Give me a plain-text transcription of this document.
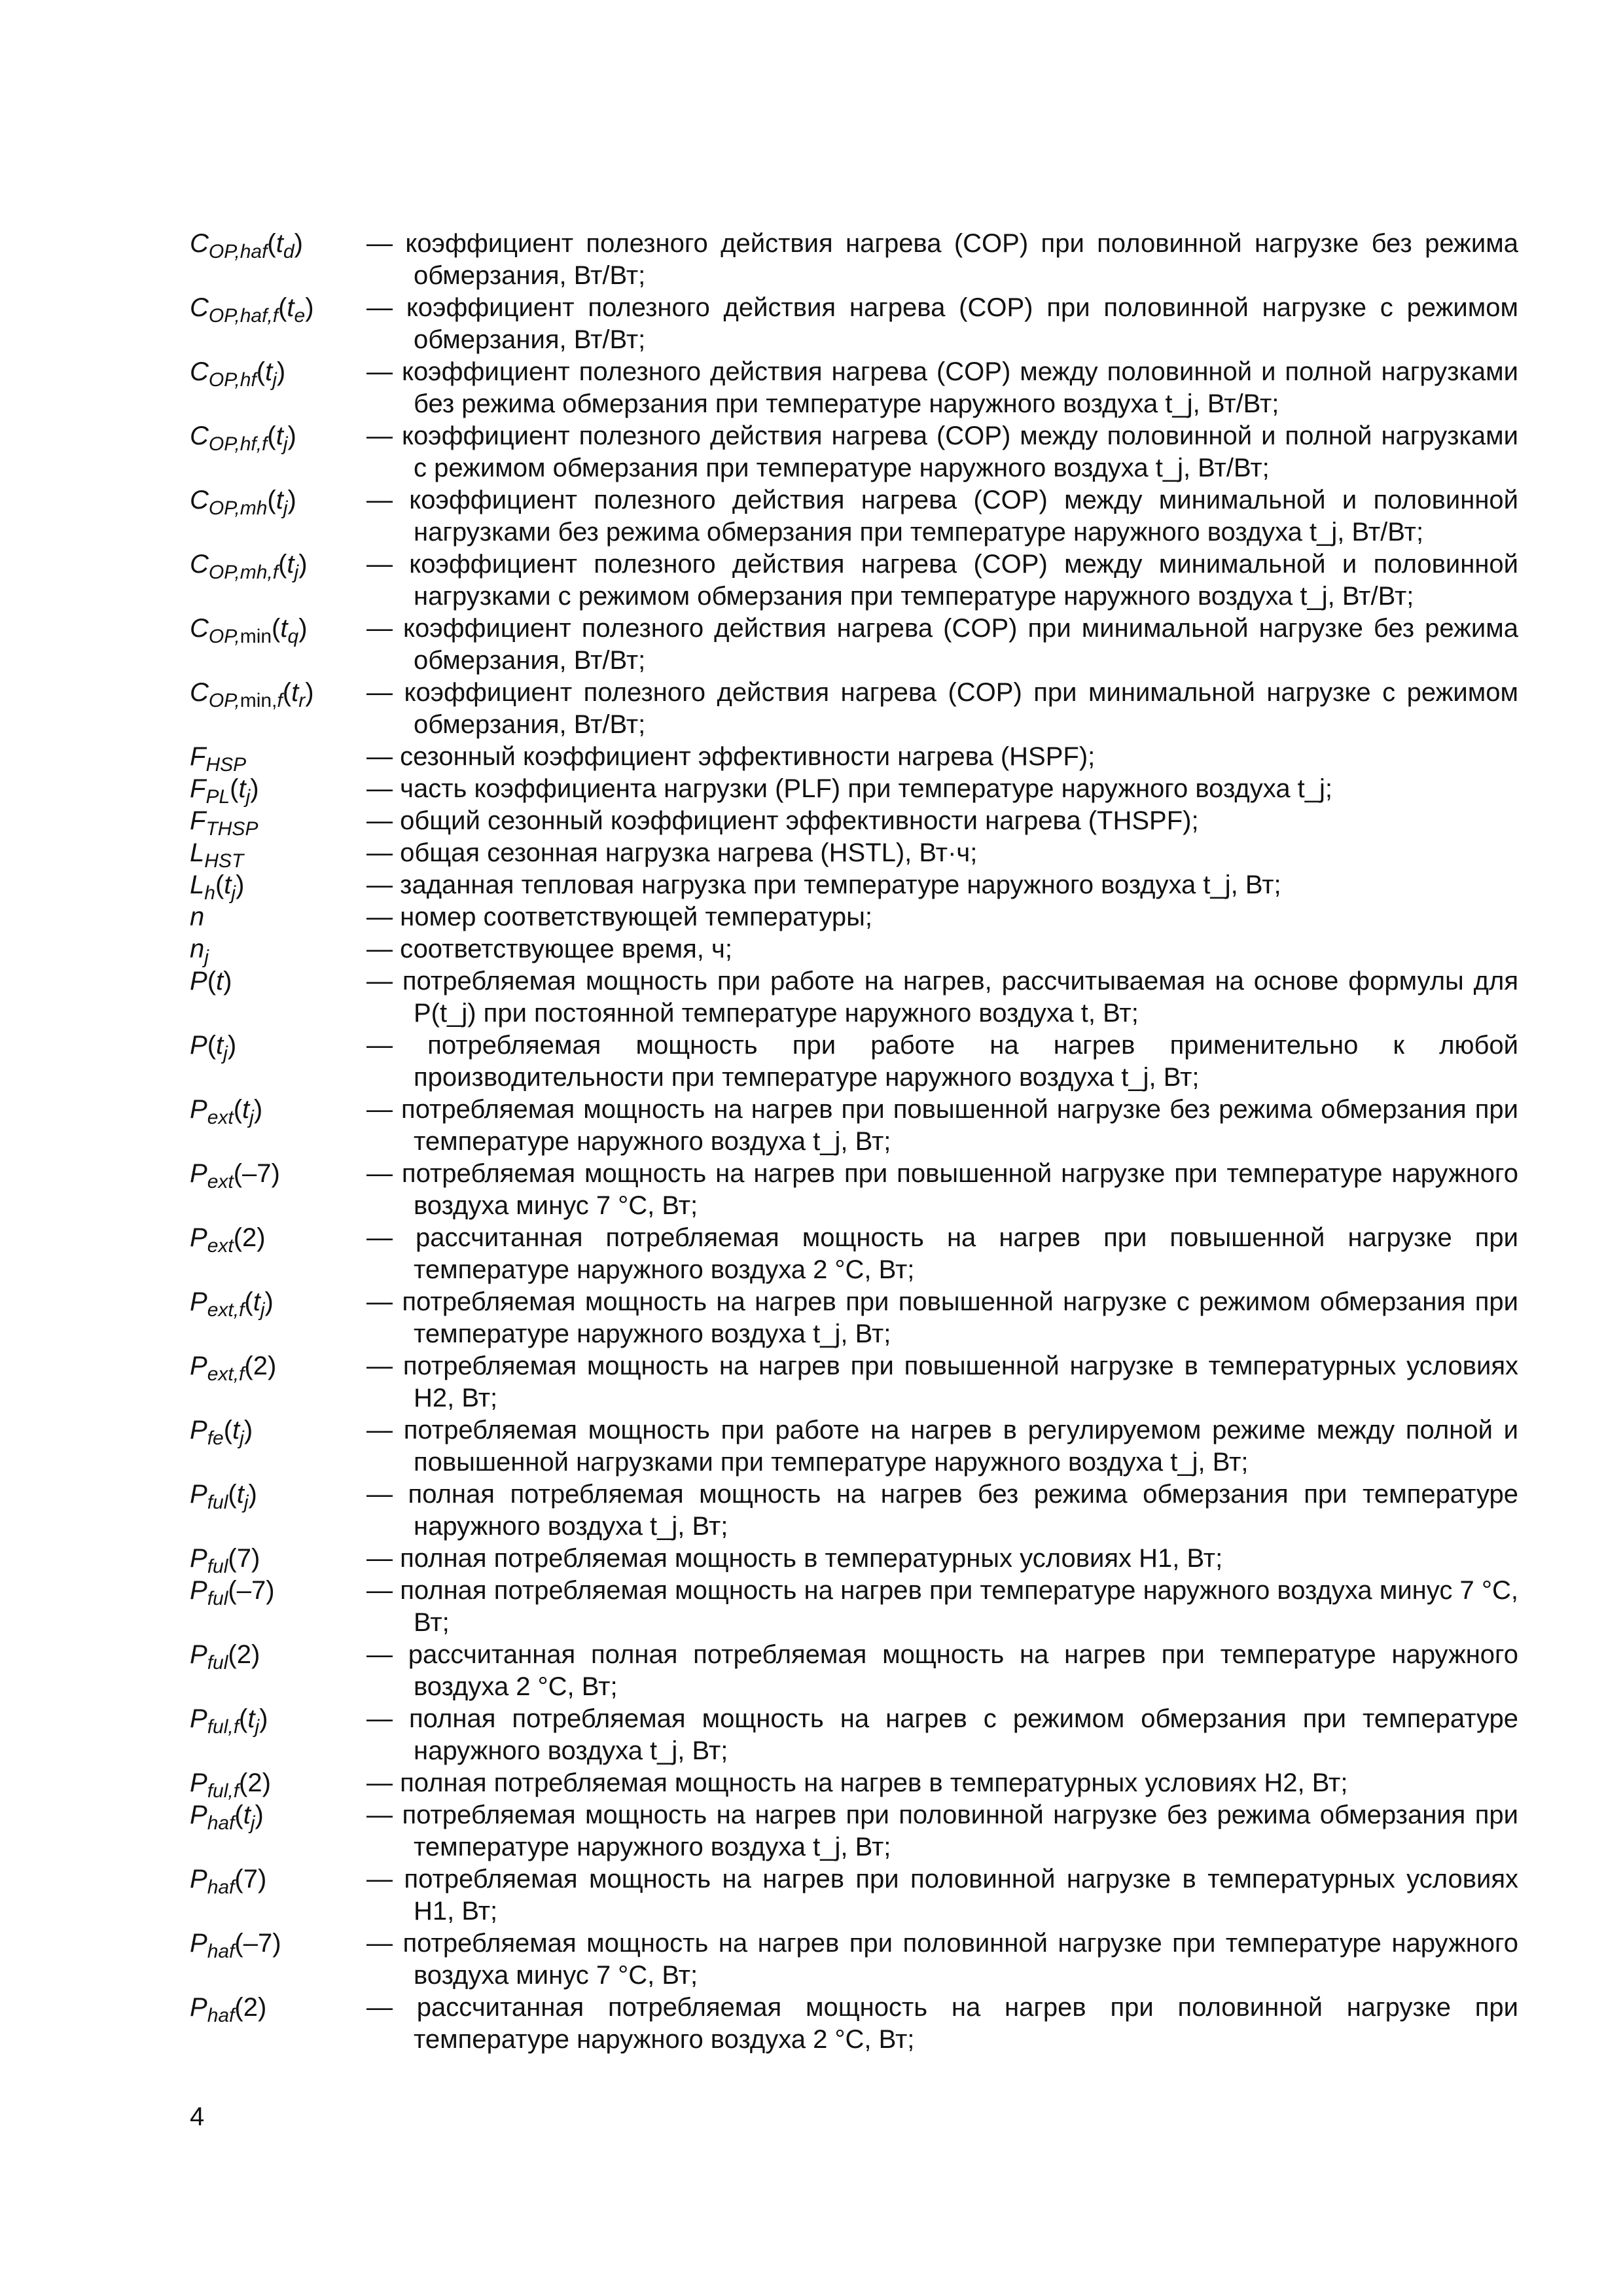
$C_{OP,haf}(t_d)$	— коэффициент полезного действия нагрева (COP) при половинной нагрузке без режима обмерзания, Вт/Вт;
$C_{OP,haf,f}(t_e)$	— коэффициент полезного действия нагрева (COP) при половинной нагрузке с режимом обмерзания, Вт/Вт;
$C_{OP,hf}(t_j)$	— коэффициент полезного действия нагрева (COP) между половинной и полной нагрузками без режима обмерзания при температуре наружного воздуха t_j, Вт/Вт;
$C_{OP,hf,f}(t_j)$	— коэффициент полезного действия нагрева (COP) между половинной и полной нагрузками с режимом обмерзания при температуре наружного воздуха t_j, Вт/Вт;
$C_{OP,mh}(t_j)$	— коэффициент полезного действия нагрева (COP) между минимальной и половинной нагрузками без режима обмерзания при температуре наружного воздуха t_j, Вт/Вт;
$C_{OP,mh,f}(t_j)$	— коэффициент полезного действия нагрева (COP) между минимальной и половинной нагрузками с режимом обмерзания при температуре наружного воздуха t_j, Вт/Вт;
$C_{OP,min}(t_q)$	— коэффициент полезного действия нагрева (COP) при минимальной нагрузке без режима обмерзания, Вт/Вт;
$C_{OP,min,f}(t_r)$	— коэффициент полезного действия нагрева (COP) при минимальной нагрузке с режимом обмерзания, Вт/Вт;
$F_{HSP}$	— сезонный коэффициент эффективности нагрева (HSPF);
$F_{PL}(t_j)$	— часть коэффициента нагрузки (PLF) при температуре наружного воздуха t_j;
$F_{THSP}$	— общий сезонный коэффициент эффективности нагрева (THSPF);
$L_{HST}$	— общая сезонная нагрузка нагрева (HSTL), Вт·ч;
$L_h(t_j)$	— заданная тепловая нагрузка при температуре наружного воздуха t_j, Вт;
n	— номер соответствующей температуры;
$n_j$	— соответствующее время, ч;
P(t)	— потребляемая мощность при работе на нагрев, рассчитываемая на основе формулы для P(t_j) при постоянной температуре наружного воздуха t, Вт;
$P(t_j)$	— потребляемая мощность при работе на нагрев применительно к любой производительности при температуре наружного воздуха t_j, Вт;
$P_{ext}(t_j)$	— потребляемая мощность на нагрев при повышенной нагрузке без режима обмерзания при температуре наружного воздуха t_j, Вт;
$P_{ext}(-7)$	— потребляемая мощность на нагрев при повышенной нагрузке при температуре наружного воздуха минус 7 °С, Вт;
$P_{ext}(2)$	— рассчитанная потребляемая мощность на нагрев при повышенной нагрузке при температуре наружного воздуха 2 °С, Вт;
$P_{ext,f}(t_j)$	— потребляемая мощность на нагрев при повышенной нагрузке с режимом обмерзания при температуре наружного воздуха t_j, Вт;
$P_{ext,f}(2)$	— потребляемая мощность на нагрев при повышенной нагрузке в температурных условиях Н2, Вт;
$P_{fe}(t_j)$	— потребляемая мощность при работе на нагрев в регулируемом режиме между полной и повышенной нагрузками при температуре наружного воздуха t_j, Вт;
$P_{ful}(t_j)$	— полная потребляемая мощность на нагрев без режима обмерзания при температуре наружного воздуха t_j, Вт;
$P_{ful}(7)$	— полная потребляемая мощность в температурных условиях Н1, Вт;
$P_{ful}(-7)$	— полная потребляемая мощность на нагрев при температуре наружного воздуха минус 7 °С, Вт;
$P_{ful}(2)$	— рассчитанная полная потребляемая мощность на нагрев при температуре наружного воздуха 2 °С, Вт;
$P_{ful,f}(t_j)$	— полная потребляемая мощность на нагрев с режимом обмерзания при температуре наружного воздуха t_j, Вт;
$P_{ful,f}(2)$	— полная потребляемая мощность на нагрев в температурных условиях Н2, Вт;
$P_{haf}(t_j)$	— потребляемая мощность на нагрев при половинной нагрузке без режима обмерзания при температуре наружного воздуха t_j, Вт;
$P_{haf}(7)$	— потребляемая мощность на нагрев при половинной нагрузке в температурных условиях Н1, Вт;
$P_{haf}(-7)$	— потребляемая мощность на нагрев при половинной нагрузке при температуре наружного воздуха минус 7 °С, Вт;
$P_{haf}(2)$	— рассчитанная потребляемая мощность на нагрев при половинной нагрузке при температуре наружного воздуха 2 °С, Вт;
4
